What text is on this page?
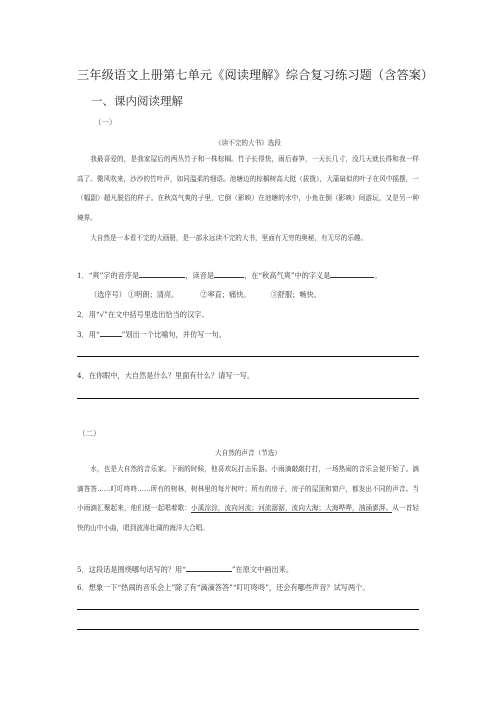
三年级语文上册第七单元《阅读理解》综合复习练习题（含答案）
一、课内阅读理解
（一）
《读不完的大书》选段
我最喜爱的，是我家屋后的两丛竹子和一株棕榈。竹子长得快，雨后春笋，一天长几寸，没几天就长得和我一样高了。微风吹来，沙沙的竹叶声，如同温柔的细语。池塘边的棕榈树高大挺（拔拨），大蒲扇似的叶子在风中摇摆，一（幅副）超凡脱俗的样子。在秋高气爽的子里，它倒（影映）在池塘的水中，小鱼在倒（影映）间游玩，又是另一种境界。
大自然是一本看不完的大画册，是一部永远读不完的大书，里面有无穷的奥秘，有无尽的乐趣。
1．“爽”字的音序是	，读音是	，在“秋高气爽”中的字义是	。
（选序号） ①明朗；清亮。	②率直；痛快。	③舒服；畅快。
2．用“√”在文中括号里选出恰当的汉字。
3．用“	”划出一个比喻句，并仿写一句。
4．在你眼中，大自然是什么？里面有什么？请写一写。
（二）
大自然的声音（节选）
水，也是大自然的音乐家。下雨的时候，他喜欢玩打击乐器。小雨滴敲敲打打，一场热闹的音乐会便开始了。滴滴答答……叮叮咚咚……所有的树林，树林里的每片树叶；所有的房子，房子的屋顶和窗户，都发出不同的声音。当小雨滴汇聚起来，他们便一起唱着歌：小溪淙淙，流向河流；河流潺潺，流向大海；大海哗哗，汹涌澎湃。从一首轻快的山中小曲，唱到波涛壮阔的海洋大合唱。
5．这段话是围绕哪句话写的？用“	”在原文中画出来。
6．想象一下“热闹的音乐会上”除了有“滴滴答答”“叮叮咚咚”，还会有哪些声音？试写两个。
